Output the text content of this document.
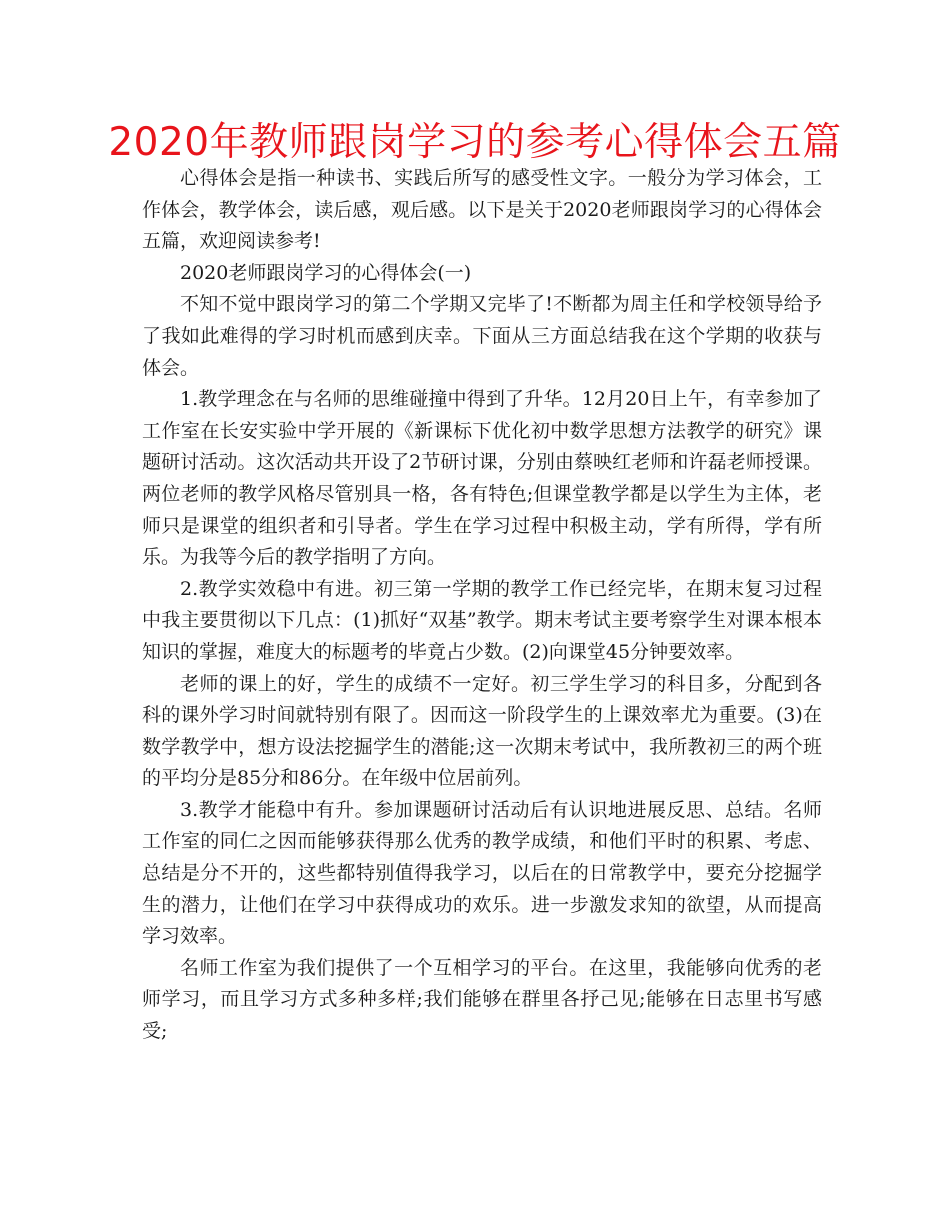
2020年教师跟岗学习的参考心得体会五篇

心得体会是指一种读书、实践后所写的感受性文字。一般分为学习体会，工作体会，教学体会，读后感，观后感。以下是关于2020老师跟岗学习的心得体会五篇，欢迎阅读参考!

2020老师跟岗学习的心得体会(一)

不知不觉中跟岗学习的第二个学期又完毕了!不断都为周主任和学校领导给予了我如此难得的学习时机而感到庆幸。下面从三方面总结我在这个学期的收获与体会。

1.教学理念在与名师的思维碰撞中得到了升华。12月20日上午，有幸参加了工作室在长安实验中学开展的《新课标下优化初中数学思想方法教学的研究》课题研讨活动。这次活动共开设了2节研讨课，分别由蔡映红老师和许磊老师授课。两位老师的教学风格尽管别具一格，各有特色;但课堂教学都是以学生为主体，老师只是课堂的组织者和引导者。学生在学习过程中积极主动，学有所得，学有所乐。为我等今后的教学指明了方向。

2.教学实效稳中有进。初三第一学期的教学工作已经完毕，在期末复习过程中我主要贯彻以下几点：(1)抓好“双基”教学。期末考试主要考察学生对课本根本知识的掌握，难度大的标题考的毕竟占少数。(2)向课堂45分钟要效率。

老师的课上的好，学生的成绩不一定好。初三学生学习的科目多，分配到各科的课外学习时间就特别有限了。因而这一阶段学生的上课效率尤为重要。(3)在数学教学中，想方设法挖掘学生的潜能;这一次期末考试中，我所教初三的两个班的平均分是85分和86分。在年级中位居前列。

3.教学才能稳中有升。参加课题研讨活动后有认识地进展反思、总结。名师工作室的同仁之因而能够获得那么优秀的教学成绩，和他们平时的积累、考虑、总结是分不开的，这些都特别值得我学习，以后在的日常教学中，要充分挖掘学生的潜力，让他们在学习中获得成功的欢乐。进一步激发求知的欲望，从而提高学习效率。

名师工作室为我们提供了一个互相学习的平台。在这里，我能够向优秀的老师学习，而且学习方式多种多样;我们能够在群里各抒己见;能够在日志里书写感受;
